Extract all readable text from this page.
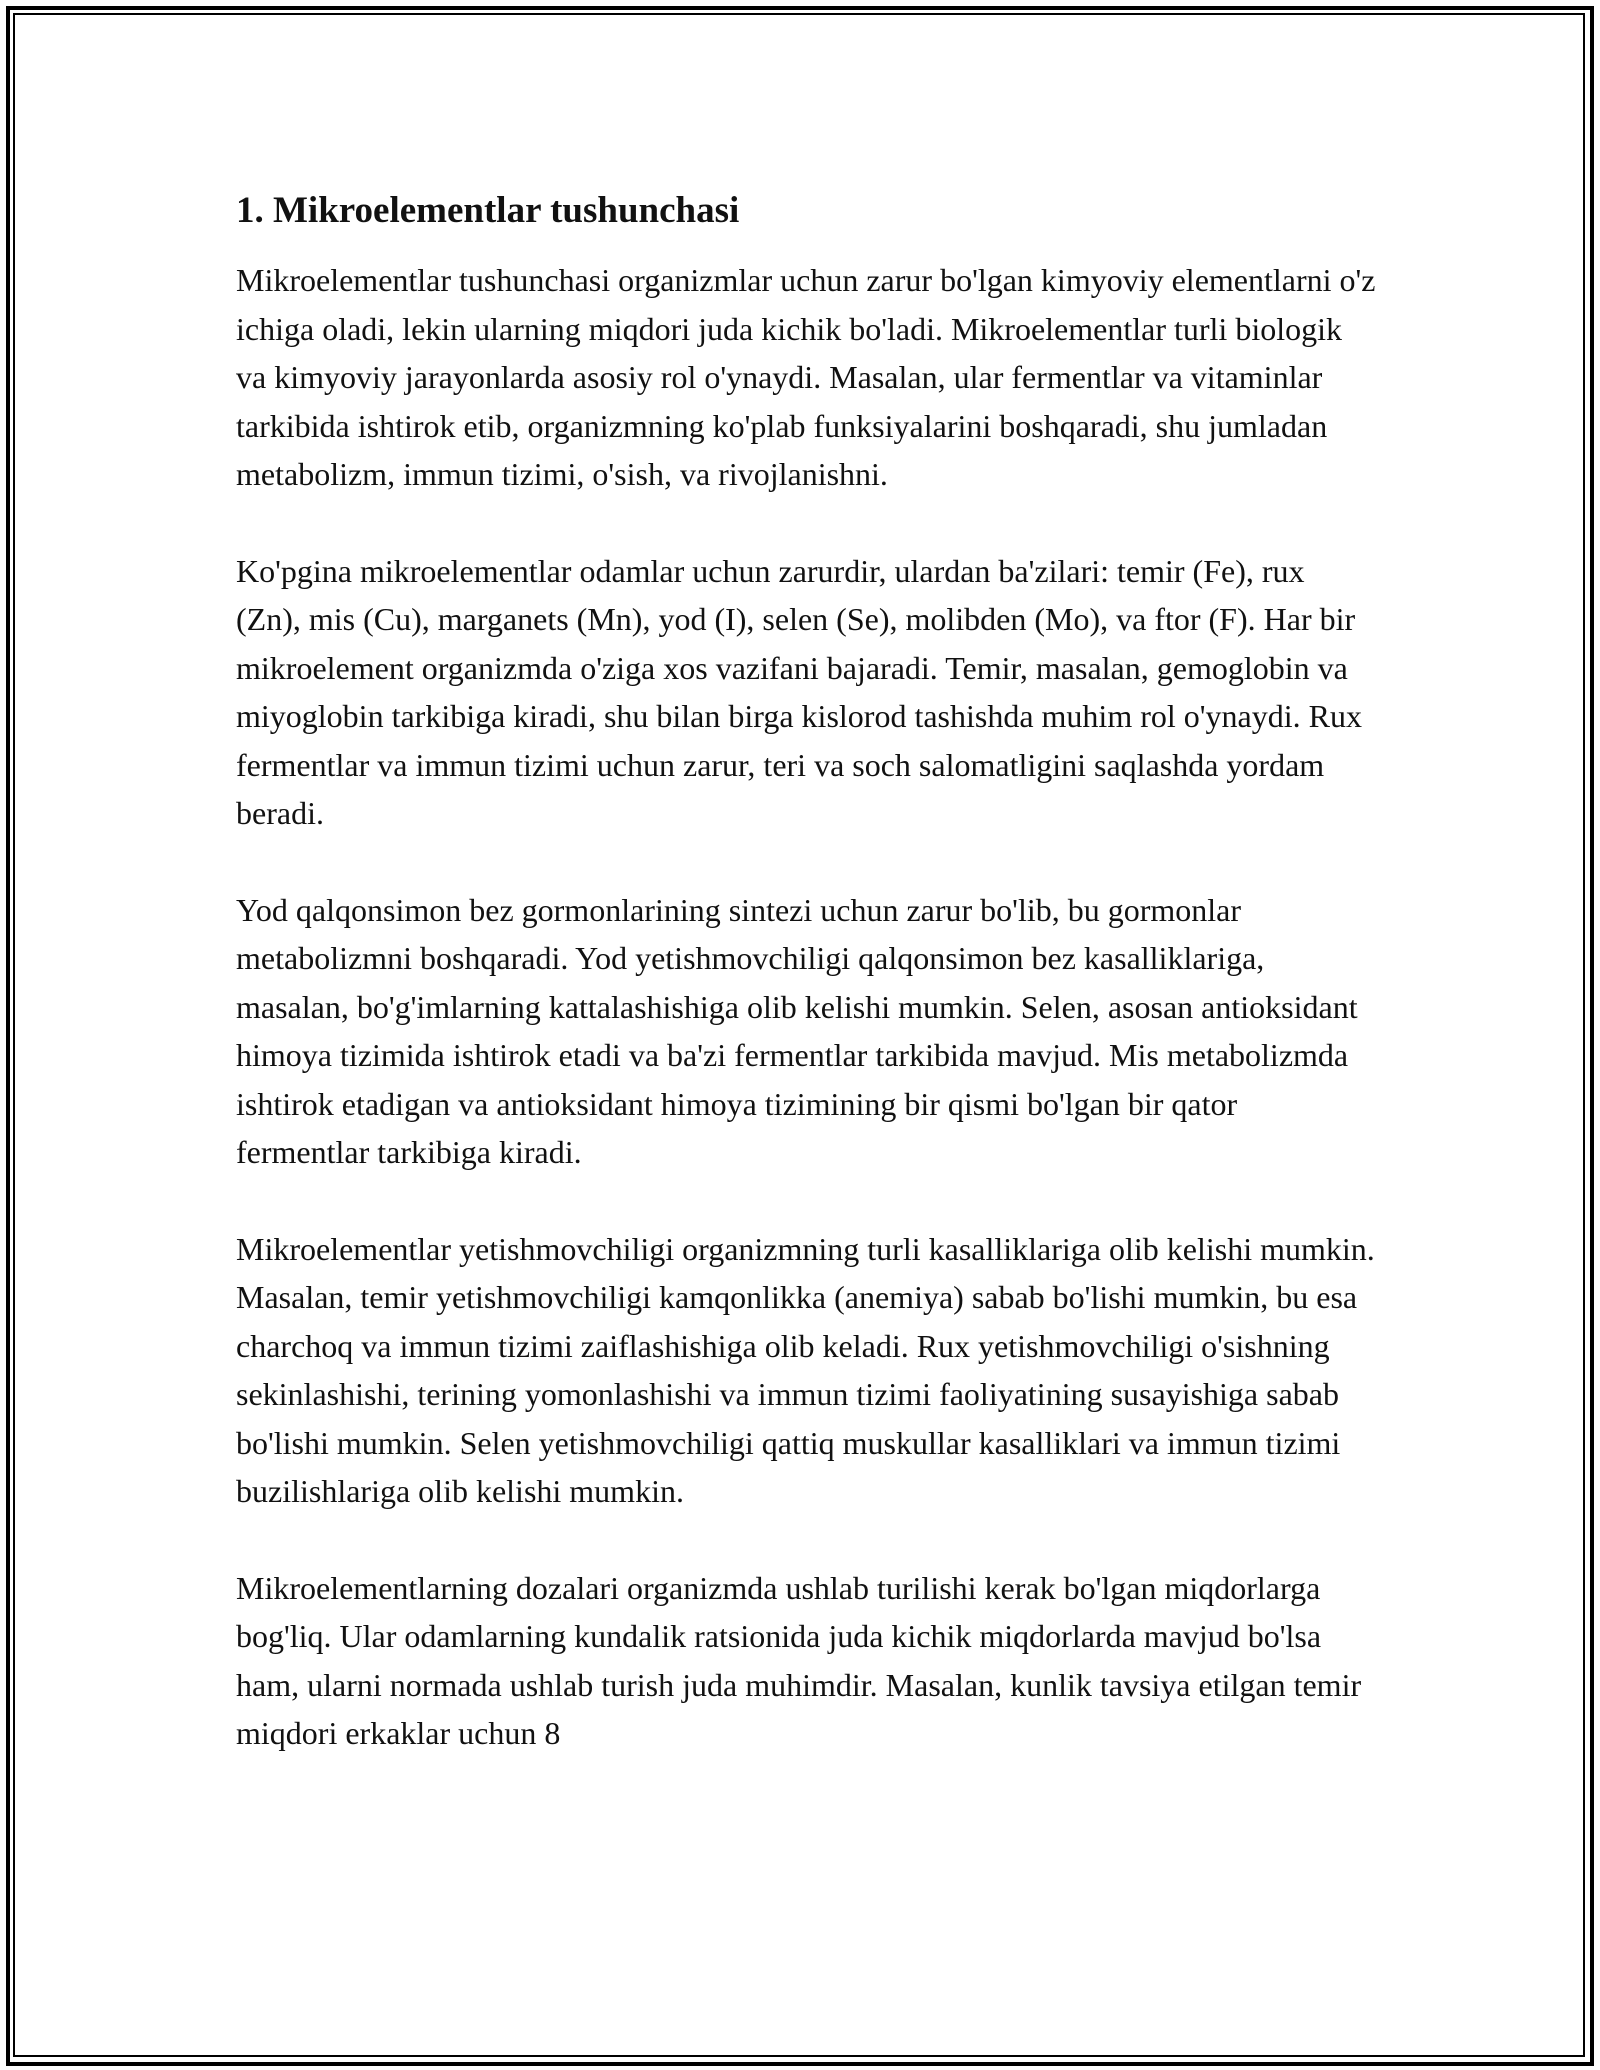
1. Mikroelementlar tushunchasi

Mikroelementlar tushunchasi organizmlar uchun zarur bo'lgan kimyoviy elementlarni o'z ichiga oladi, lekin ularning miqdori juda kichik bo'ladi. Mikroelementlar turli biologik va kimyoviy jarayonlarda asosiy rol o'ynaydi. Masalan, ular fermentlar va vitaminlar tarkibida ishtirok etib, organizmning ko'plab funksiyalarini boshqaradi, shu jumladan metabolizm, immun tizimi, o'sish, va rivojlanishni.

Ko'pgina mikroelementlar odamlar uchun zarurdir, ulardan ba'zilari: temir (Fe), rux (Zn), mis (Cu), marganets (Mn), yod (I), selen (Se), molibden (Mo), va ftor (F). Har bir mikroelement organizmda o'ziga xos vazifani bajaradi. Temir, masalan, gemoglobin va miyoglobin tarkibiga kiradi, shu bilan birga kislorod tashishda muhim rol o'ynaydi. Rux fermentlar va immun tizimi uchun zarur, teri va soch salomatligini saqlashda yordam beradi.

Yod qalqonsimon bez gormonlarining sintezi uchun zarur bo'lib, bu gormonlar metabolizmni boshqaradi. Yod yetishmovchiligi qalqonsimon bez kasalliklariga, masalan, bo'g'imlarning kattalashishiga olib kelishi mumkin. Selen, asosan antioksidant himoya tizimida ishtirok etadi va ba'zi fermentlar tarkibida mavjud. Mis metabolizmda ishtirok etadigan va antioksidant himoya tizimining bir qismi bo'lgan bir qator fermentlar tarkibiga kiradi.

Mikroelementlar yetishmovchiligi organizmning turli kasalliklariga olib kelishi mumkin. Masalan, temir yetishmovchiligi kamqonlikka (anemiya) sabab bo'lishi mumkin, bu esa charchoq va immun tizimi zaiflashishiga olib keladi. Rux yetishmovchiligi o'sishning sekinlashishi, terining yomonlashishi va immun tizimi faoliyatining susayishiga sabab bo'lishi mumkin. Selen yetishmovchiligi qattiq muskullar kasalliklari va immun tizimi buzilishlariga olib kelishi mumkin.

Mikroelementlarning dozalari organizmda ushlab turilishi kerak bo'lgan miqdorlarga bog'liq. Ular odamlarning kundalik ratsionida juda kichik miqdorlarda mavjud bo'lsa ham, ularni normada ushlab turish juda muhimdir. Masalan, kunlik tavsiya etilgan temir miqdori erkaklar uchun 8
